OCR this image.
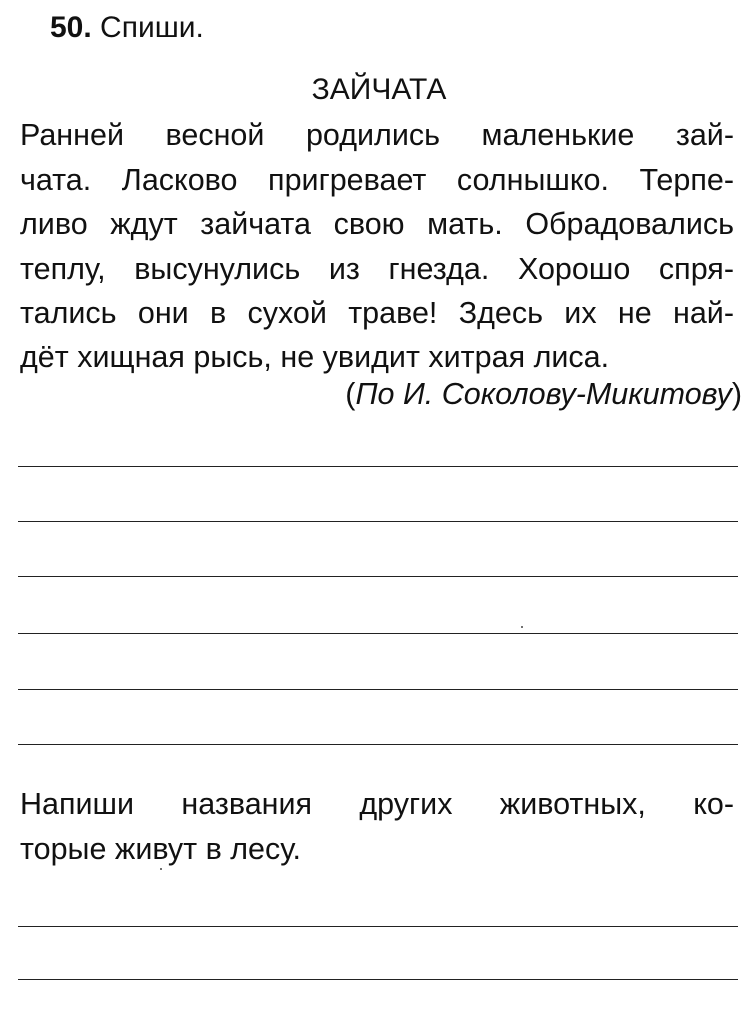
50. Спиши.
ЗАЙЧАТА
Ранней весной родились маленькие зай-
чата. Ласково пригревает солнышко. Терпе-
ливо ждут зайчата свою мать. Обрадовались
теплу, высунулись из гнезда. Хорошо спря-
тались они в сухой траве! Здесь их не най-
дёт хищная рысь, не увидит хитрая лиса.
(По И. Соколову-Микитову)
Напиши названия других животных, ко-
торые живут в лесу.
